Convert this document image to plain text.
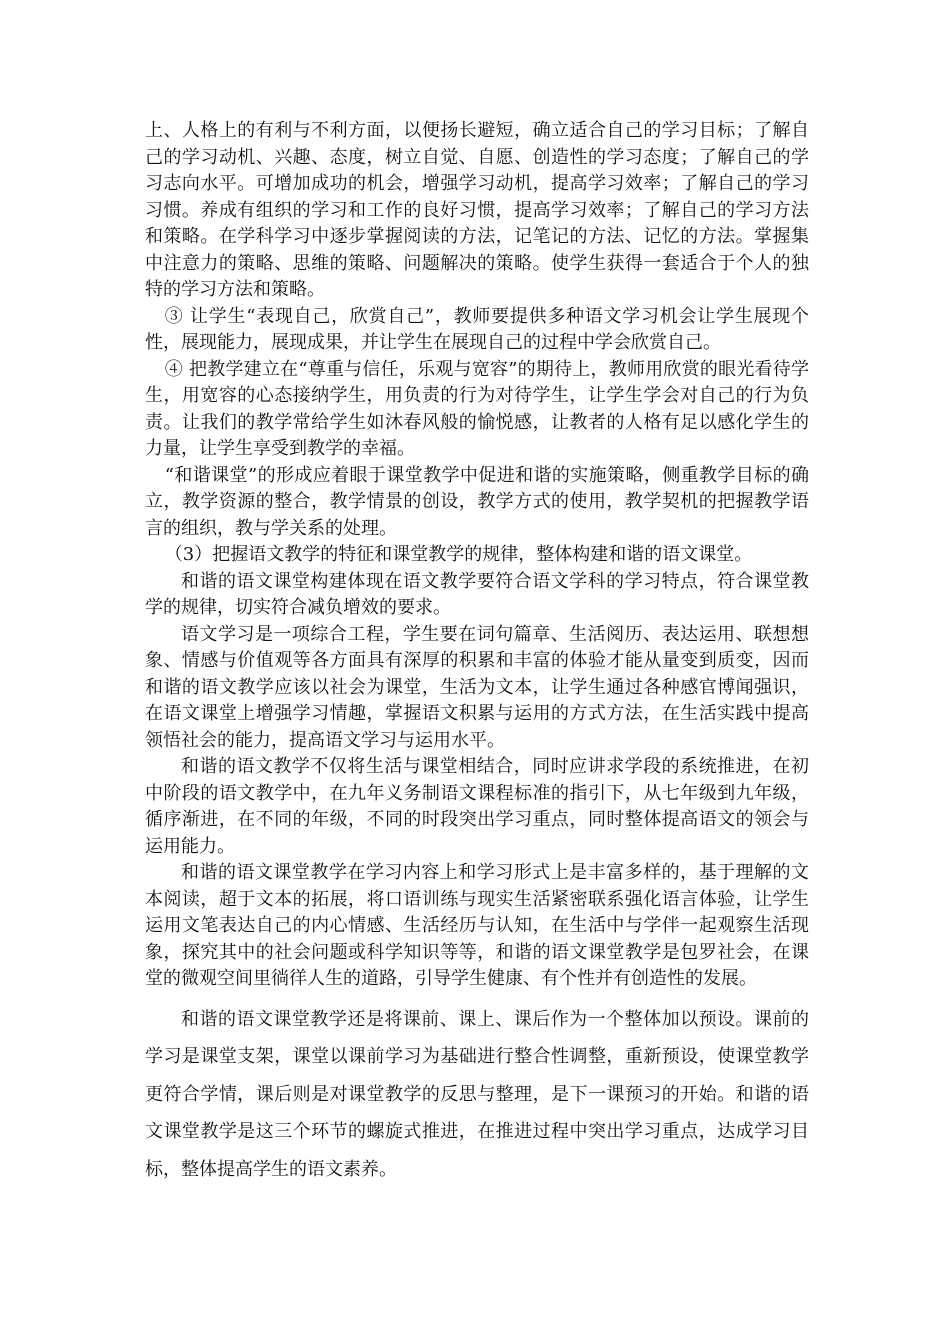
上、人格上的有利与不利方面，以便扬长避短，确立适合自己的学习目标；了解自己的学习动机、兴趣、态度，树立自觉、自愿、创造性的学习态度；了解自己的学习志向水平。可增加成功的机会，增强学习动机，提高学习效率；了解自己的学习习惯。养成有组织的学习和工作的良好习惯，提高学习效率；了解自己的学习方法和策略。在学科学习中逐步掌握阅读的方法，记笔记的方法、记忆的方法。掌握集中注意力的策略、思维的策略、问题解决的策略。使学生获得一套适合于个人的独特的学习方法和策略。

③ 让学生“表现自己，欣赏自己”，教师要提供多种语文学习机会让学生展现个性，展现能力，展现成果，并让学生在展现自己的过程中学会欣赏自己。

④ 把教学建立在“尊重与信任，乐观与宽容”的期待上，教师用欣赏的眼光看待学生，用宽容的心态接纳学生，用负责的行为对待学生，让学生学会对自己的行为负责。让我们的教学常给学生如沐春风般的愉悦感，让教者的人格有足以感化学生的力量，让学生享受到教学的幸福。

“和谐课堂”的形成应着眼于课堂教学中促进和谐的实施策略，侧重教学目标的确立，教学资源的整合，教学情景的创设，教学方式的使用，教学契机的把握教学语言的组织，教与学关系的处理。

（3）把握语文教学的特征和课堂教学的规律，整体构建和谐的语文课堂。

和谐的语文课堂构建体现在语文教学要符合语文学科的学习特点，符合课堂教学的规律，切实符合减负增效的要求。

语文学习是一项综合工程，学生要在词句篇章、生活阅历、表达运用、联想想象、情感与价值观等各方面具有深厚的积累和丰富的体验才能从量变到质变，因而和谐的语文教学应该以社会为课堂，生活为文本，让学生通过各种感官博闻强识，在语文课堂上增强学习情趣，掌握语文积累与运用的方式方法，在生活实践中提高领悟社会的能力，提高语文学习与运用水平。

和谐的语文教学不仅将生活与课堂相结合，同时应讲求学段的系统推进，在初中阶段的语文教学中，在九年义务制语文课程标准的指引下，从七年级到九年级，循序渐进，在不同的年级，不同的时段突出学习重点，同时整体提高语文的领会与运用能力。

和谐的语文课堂教学在学习内容上和学习形式上是丰富多样的，基于理解的文本阅读，超于文本的拓展，将口语训练与现实生活紧密联系强化语言体验，让学生运用文笔表达自己的内心情感、生活经历与认知，在生活中与学伴一起观察生活现象，探究其中的社会问题或科学知识等等，和谐的语文课堂教学是包罗社会，在课堂的微观空间里徜徉人生的道路，引导学生健康、有个性并有创造性的发展。

和谐的语文课堂教学还是将课前、课上、课后作为一个整体加以预设。课前的学习是课堂支架，课堂以课前学习为基础进行整合性调整，重新预设，使课堂教学更符合学情，课后则是对课堂教学的反思与整理，是下一课预习的开始。和谐的语文课堂教学是这三个环节的螺旋式推进，在推进过程中突出学习重点，达成学习目标，整体提高学生的语文素养。
